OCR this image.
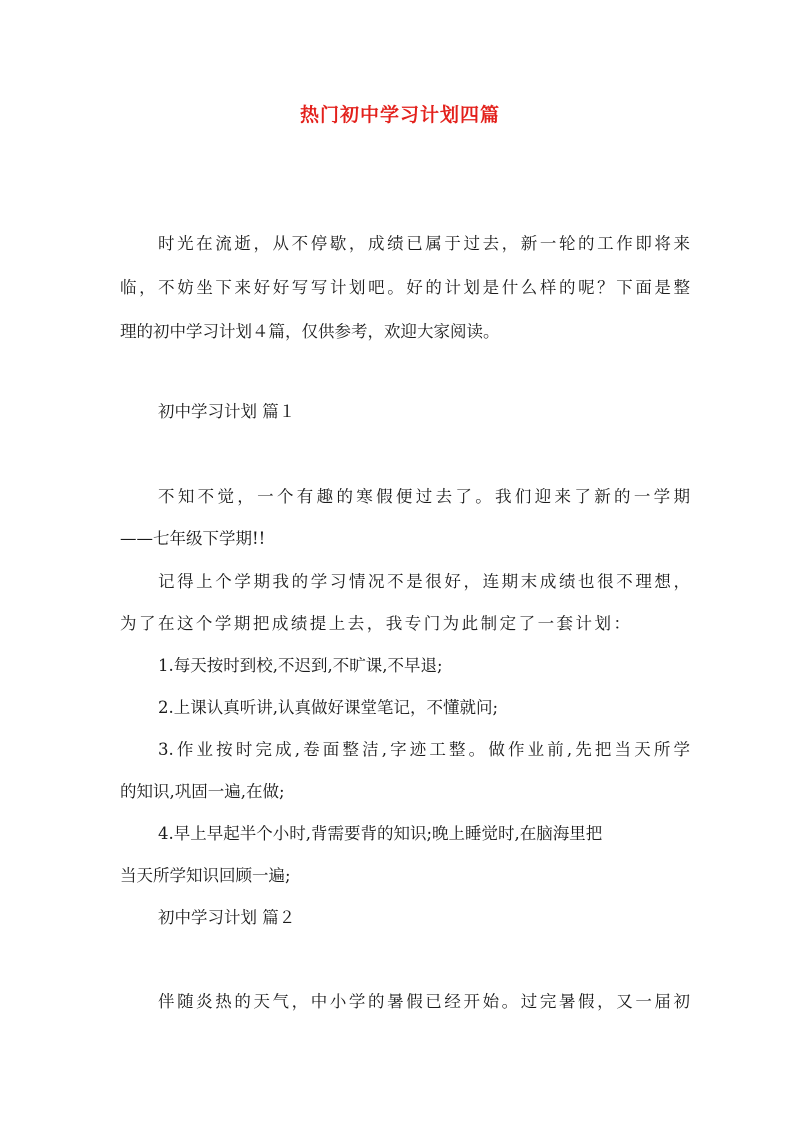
热门初中学习计划四篇

时光在流逝，从不停歇，成绩已属于过去，新一轮的工作即将来

临，不妨坐下来好好写写计划吧。好的计划是什么样的呢？下面是整

理的初中学习计划４篇，仅供参考，欢迎大家阅读。

初中学习计划 篇１

不知不觉，一个有趣的寒假便过去了。我们迎来了新的一学期

——七年级下学期!!

记得上个学期我的学习情况不是很好，连期末成绩也很不理想，

为了在这个学期把成绩提上去，我专门为此制定了一套计划：

1.每天按时到校,不迟到,不旷课,不早退;

2.上课认真听讲,认真做好课堂笔记，不懂就问;

3.作业按时完成,卷面整洁,字迹工整。做作业前,先把当天所学

的知识,巩固一遍,在做;

4.早上早起半个小时,背需要背的知识;晚上睡觉时,在脑海里把

当天所学知识回顾一遍;

初中学习计划 篇２

伴随炎热的天气，中小学的暑假已经开始。过完暑假，又一届初
